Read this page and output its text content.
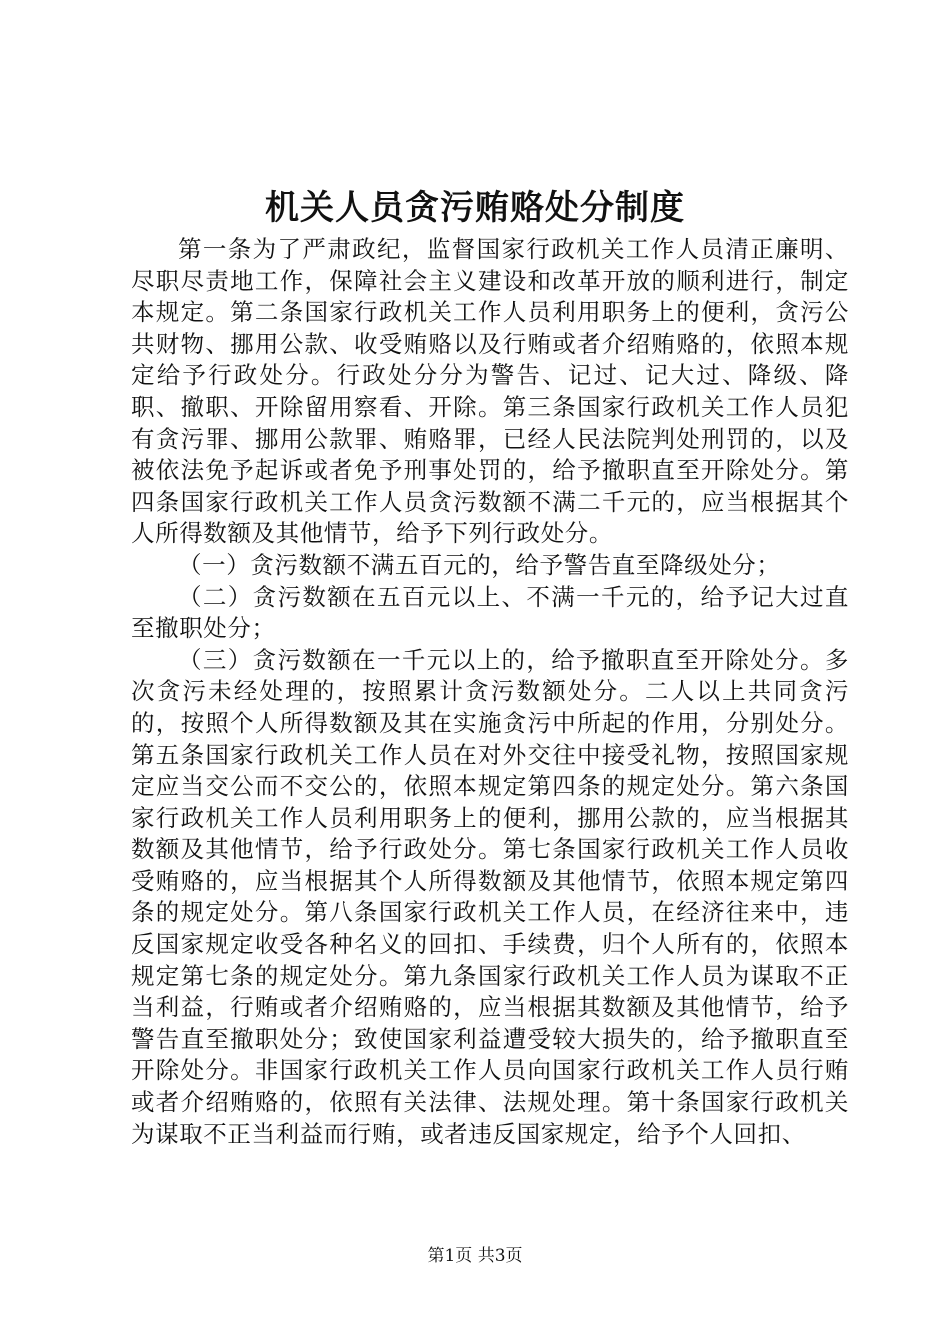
机关人员贪污贿赂处分制度

第一条为了严肃政纪，监督国家行政机关工作人员清正廉明、尽职尽责地工作，保障社会主义建设和改革开放的顺利进行，制定本规定。第二条国家行政机关工作人员利用职务上的便利，贪污公共财物、挪用公款、收受贿赂以及行贿或者介绍贿赂的，依照本规定给予行政处分。行政处分分为警告、记过、记大过、降级、降职、撤职、开除留用察看、开除。第三条国家行政机关工作人员犯有贪污罪、挪用公款罪、贿赂罪，已经人民法院判处刑罚的，以及被依法免予起诉或者免予刑事处罚的，给予撤职直至开除处分。第四条国家行政机关工作人员贪污数额不满二千元的，应当根据其个人所得数额及其他情节，给予下列行政处分。

（一）贪污数额不满五百元的，给予警告直至降级处分；

（二）贪污数额在五百元以上、不满一千元的，给予记大过直至撤职处分；

（三）贪污数额在一千元以上的，给予撤职直至开除处分。多次贪污未经处理的，按照累计贪污数额处分。二人以上共同贪污的，按照个人所得数额及其在实施贪污中所起的作用，分别处分。第五条国家行政机关工作人员在对外交往中接受礼物，按照国家规定应当交公而不交公的，依照本规定第四条的规定处分。第六条国家行政机关工作人员利用职务上的便利，挪用公款的，应当根据其数额及其他情节，给予行政处分。第七条国家行政机关工作人员收受贿赂的，应当根据其个人所得数额及其他情节，依照本规定第四条的规定处分。第八条国家行政机关工作人员，在经济往来中，违反国家规定收受各种名义的回扣、手续费，归个人所有的，依照本规定第七条的规定处分。第九条国家行政机关工作人员为谋取不正当利益，行贿或者介绍贿赂的，应当根据其数额及其他情节，给予警告直至撤职处分；致使国家利益遭受较大损失的，给予撤职直至开除处分。非国家行政机关工作人员向国家行政机关工作人员行贿或者介绍贿赂的，依照有关法律、法规处理。第十条国家行政机关为谋取不正当利益而行贿，或者违反国家规定，给予个人回扣、

第1页 共3页
